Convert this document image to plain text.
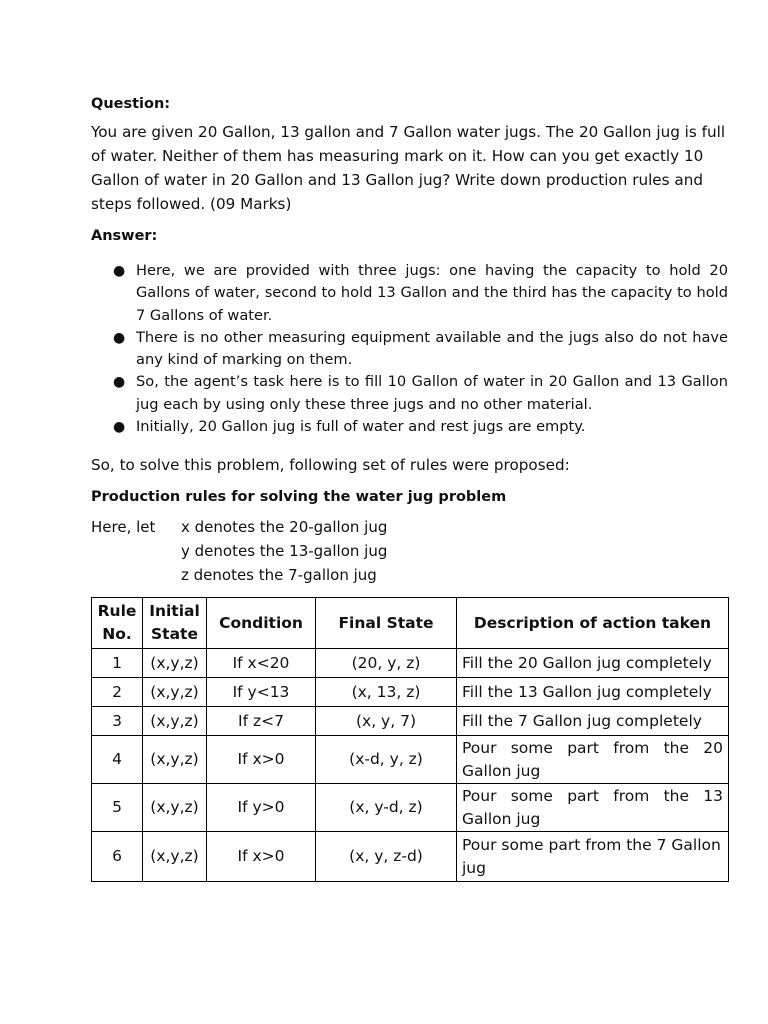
Question:

You are given 20 Gallon, 13 gallon and 7 Gallon water jugs. The 20 Gallon jug is full of water. Neither of them has measuring mark on it. How can you get exactly 10 Gallon of water in 20 Gallon and 13 Gallon jug? Write down production rules and steps followed. (09 Marks)

Answer:

● Here, we are provided with three jugs: one having the capacity to hold 20 Gallons of water, second to hold 13 Gallon and the third has the capacity to hold 7 Gallons of water.
● There is no other measuring equipment available and the jugs also do not have any kind of marking on them.
● So, the agent’s task here is to fill 10 Gallon of water in 20 Gallon and 13 Gallon jug each by using only these three jugs and no other material.
● Initially, 20 Gallon jug is full of water and rest jugs are empty.

So, to solve this problem, following set of rules were proposed:

Production rules for solving the water jug problem

Here, let	x denotes the 20-gallon jug
y denotes the 13-gallon jug
z denotes the 7-gallon jug
Rule No.	Initial State	Condition	Final State	Description of action taken
1	(x,y,z)	If x<20	(20, y, z)	Fill the 20 Gallon jug completely
2	(x,y,z)	If y<13	(x, 13, z)	Fill the 13 Gallon jug completely
3	(x,y,z)	If z<7	(x, y, 7)	Fill the 7 Gallon jug completely
4	(x,y,z)	If x>0	(x-d, y, z)	Pour some part from the 20 Gallon jug
5	(x,y,z)	If y>0	(x, y-d, z)	Pour some part from the 13 Gallon jug
6	(x,y,z)	If x>0	(x, y, z-d)	Pour some part from the 7 Gallon jug
